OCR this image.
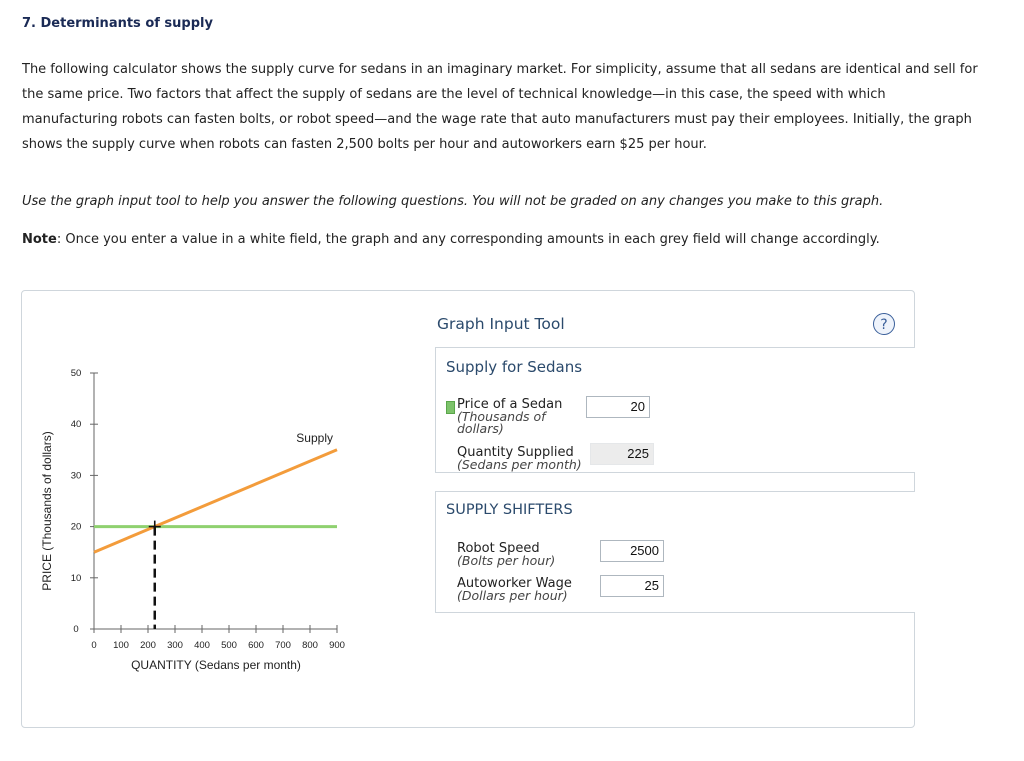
7. Determinants of supply
The following calculator shows the supply curve for sedans in an imaginary market. For simplicity, assume that all sedans are identical and sell for the same price. Two factors that affect the supply of sedans are the level of technical knowledge—in this case, the speed with which manufacturing robots can fasten bolts, or robot speed—and the wage rate that auto manufacturers must pay their employees. Initially, the graph shows the supply curve when robots can fasten 2,500 bolts per hour and autoworkers earn $25 per hour.
Use the graph input tool to help you answer the following questions. You will not be graded on any changes you make to this graph.
Note: Once you enter a value in a white field, the graph and any corresponding amounts in each grey field will change accordingly.
0 100 200 300 400 500 600 700 800 900
0
10
20
30
40
50
Supply
PRICE (Thousands of dollars)
QUANTITY (Sedans per month)
Graph Input Tool	?
Supply for Sedans
Price of a Sedan
(Thousands of dollars)
20
Quantity Supplied
(Sedans per month)
225
SUPPLY SHIFTERS
Robot Speed
(Bolts per hour)
2500
Autoworker Wage
(Dollars per hour)
25
